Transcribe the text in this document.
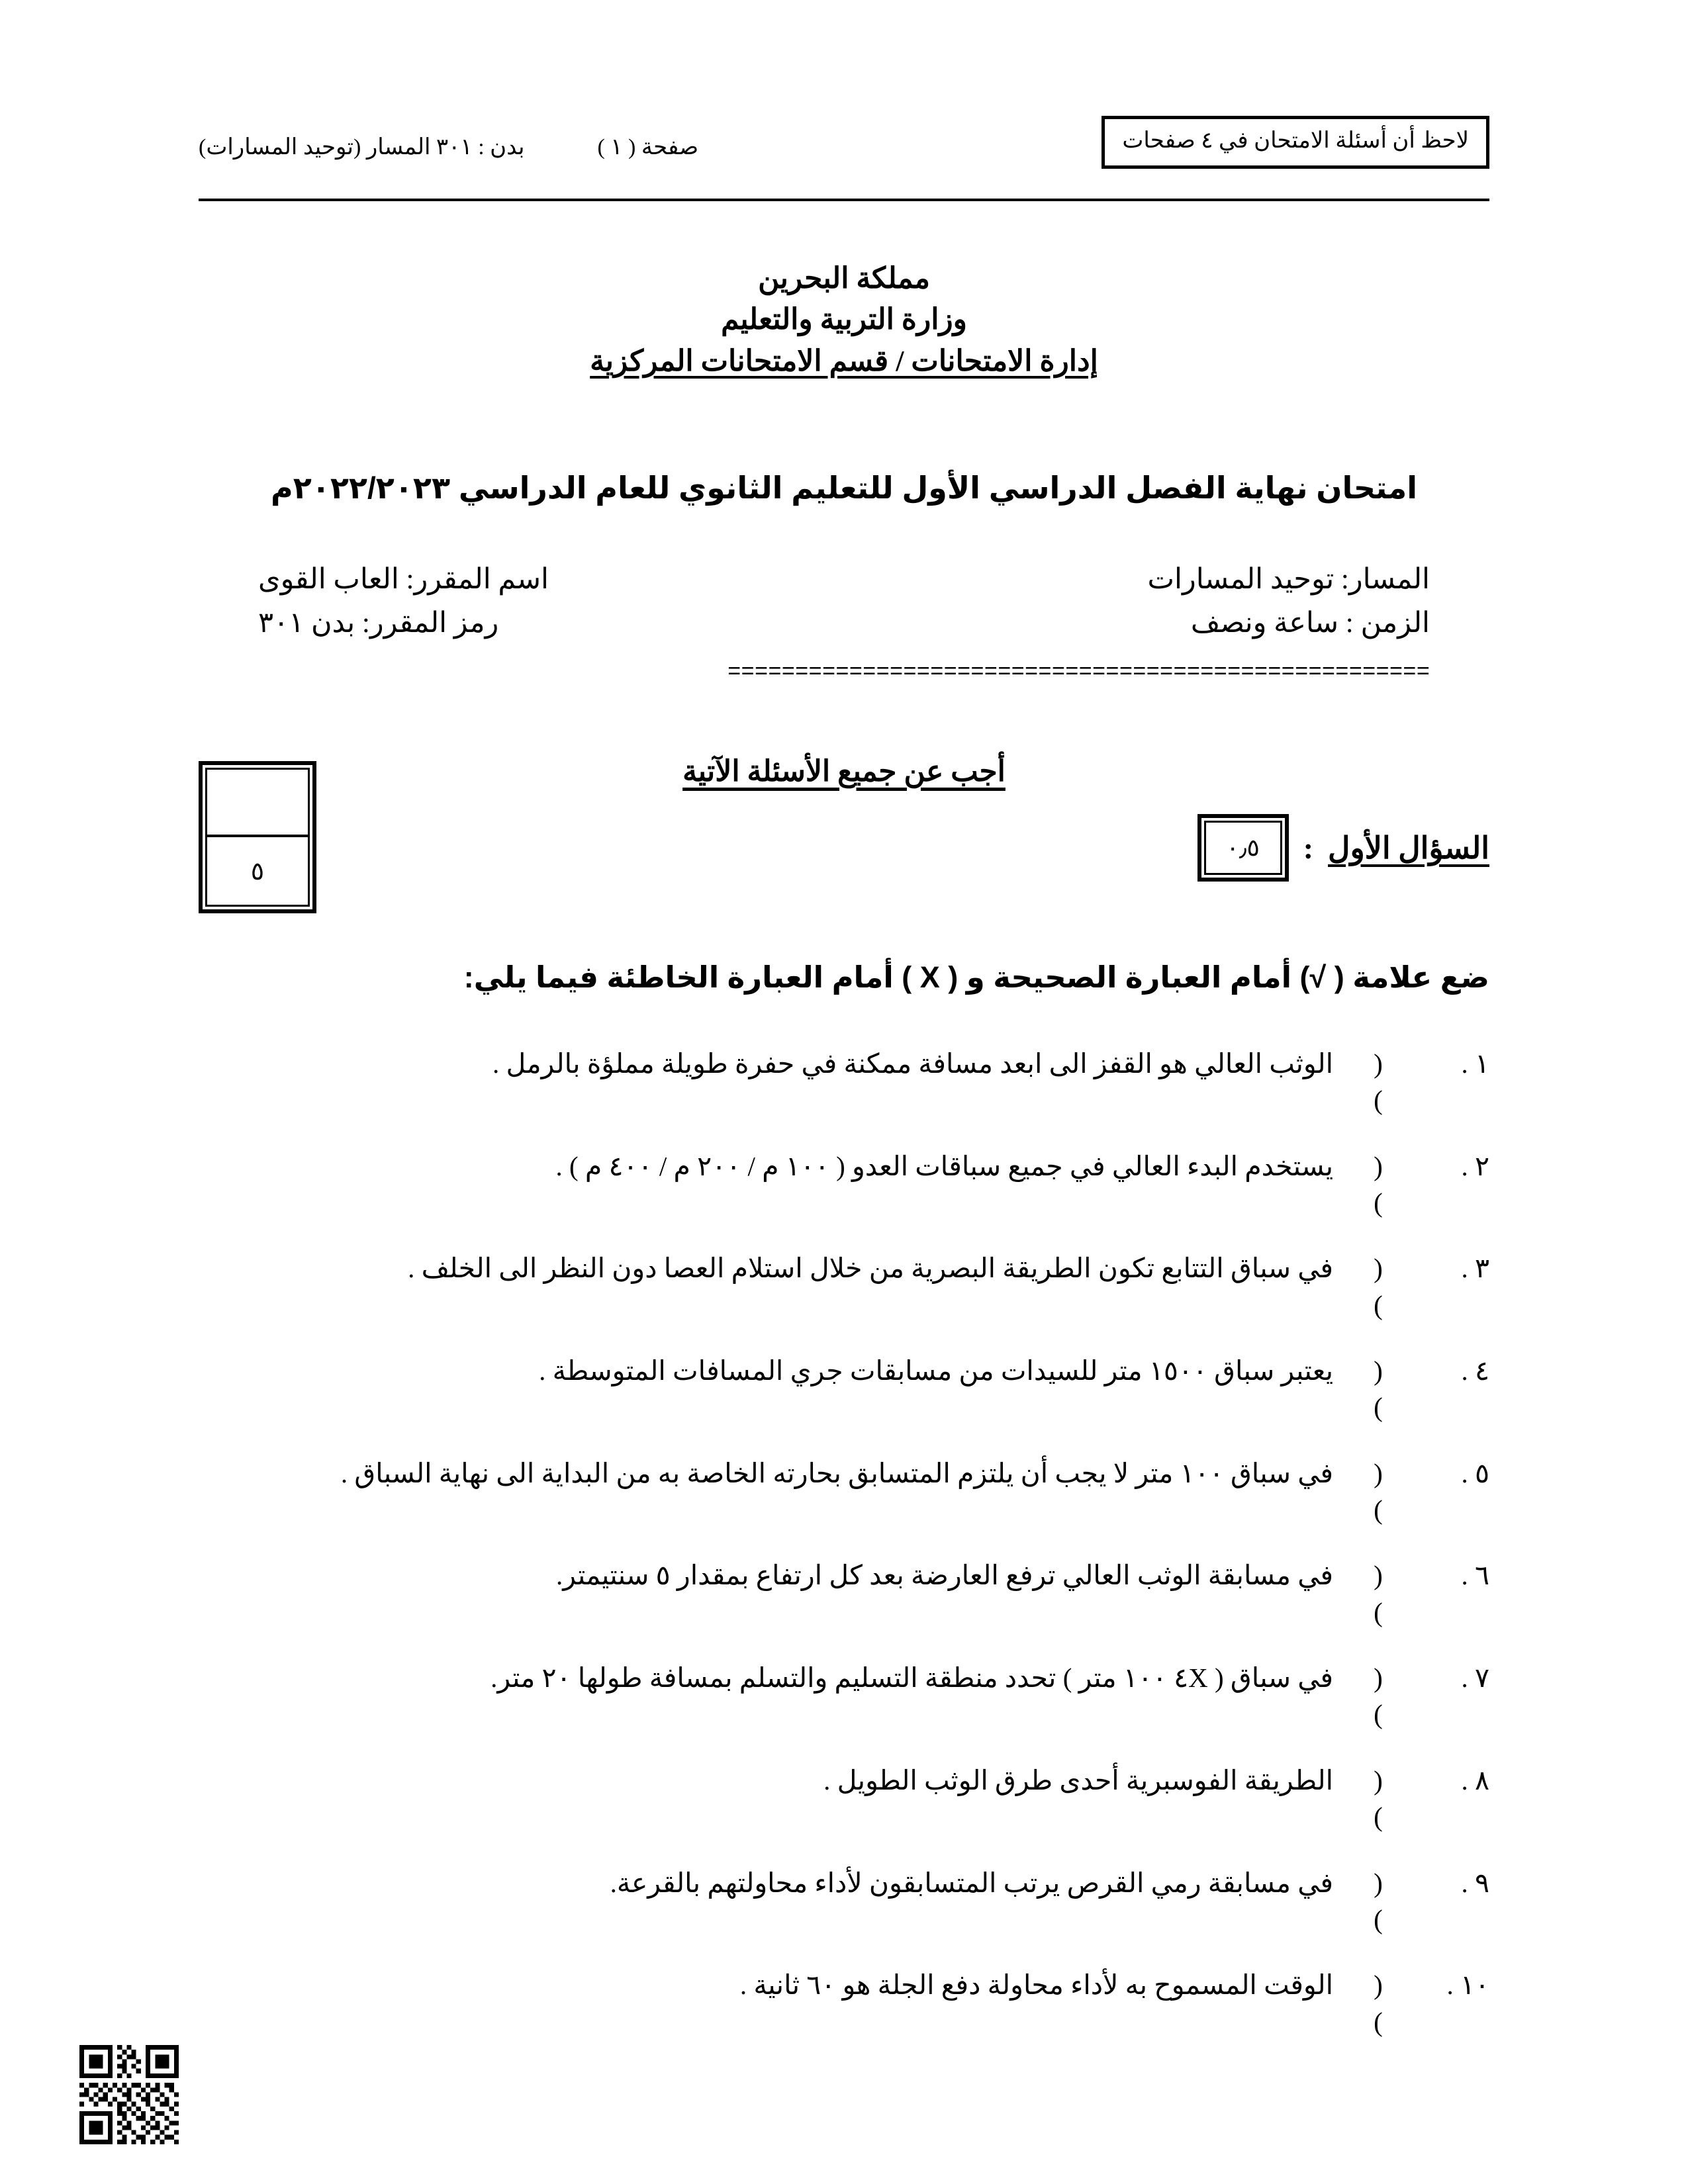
لاحظ أن أسئلة الامتحان في ٤ صفحات
صفحة ( ١ )
بدن : ٣٠١ المسار (توحيد المسارات)
مملكة البحرين
وزارة التربية والتعليم
إدارة الامتحانات / قسم الامتحانات المركزية
امتحان نهاية الفصل الدراسي الأول للتعليم الثانوي للعام الدراسي ٢٠٢٢/٢٠٢٣م
المسار: توحيد المسارات
اسم المقرر: العاب القوى
الزمن : ساعة ونصف
رمز المقرر: بدن ٣٠١
====================================================
أجب عن جميع الأسئلة الآتية
٥
السؤال الأول
:
٠٫٥
ضع علامة ( √) أمام العبارة الصحيحة و ( X ) أمام العبارة الخاطئة فيما يلي:
١ .
( )
الوثب العالي هو القفز الى ابعد مسافة ممكنة في حفرة طويلة مملؤة بالرمل .
٢ .
( )
يستخدم البدء العالي في جميع سباقات العدو ( ١٠٠ م / ٢٠٠ م / ٤٠٠ م ) .
٣ .
( )
في سباق التتابع تكون الطريقة البصرية من خلال استلام العصا دون النظر الى الخلف .
٤ .
( )
يعتبر سباق ١٥٠٠ متر للسيدات من مسابقات جري المسافات المتوسطة .
٥ .
( )
في سباق ١٠٠ متر لا يجب أن يلتزم المتسابق بحارته الخاصة به من البداية الى نهاية السباق .
٦ .
( )
في مسابقة الوثب العالي ترفع العارضة بعد كل ارتفاع بمقدار ٥ سنتيمتر.
٧ .
( )
في سباق ( ٤X ١٠٠ متر ) تحدد منطقة التسليم والتسلم بمسافة طولها ٢٠ متر.
٨ .
( )
الطريقة الفوسبرية أحدى طرق الوثب الطويل .
٩ .
( )
في مسابقة رمي القرص يرتب المتسابقون لأداء محاولتهم بالقرعة.
١٠ .
( )
الوقت المسموح به لأداء محاولة دفع الجلة هو ٦٠ ثانية .
